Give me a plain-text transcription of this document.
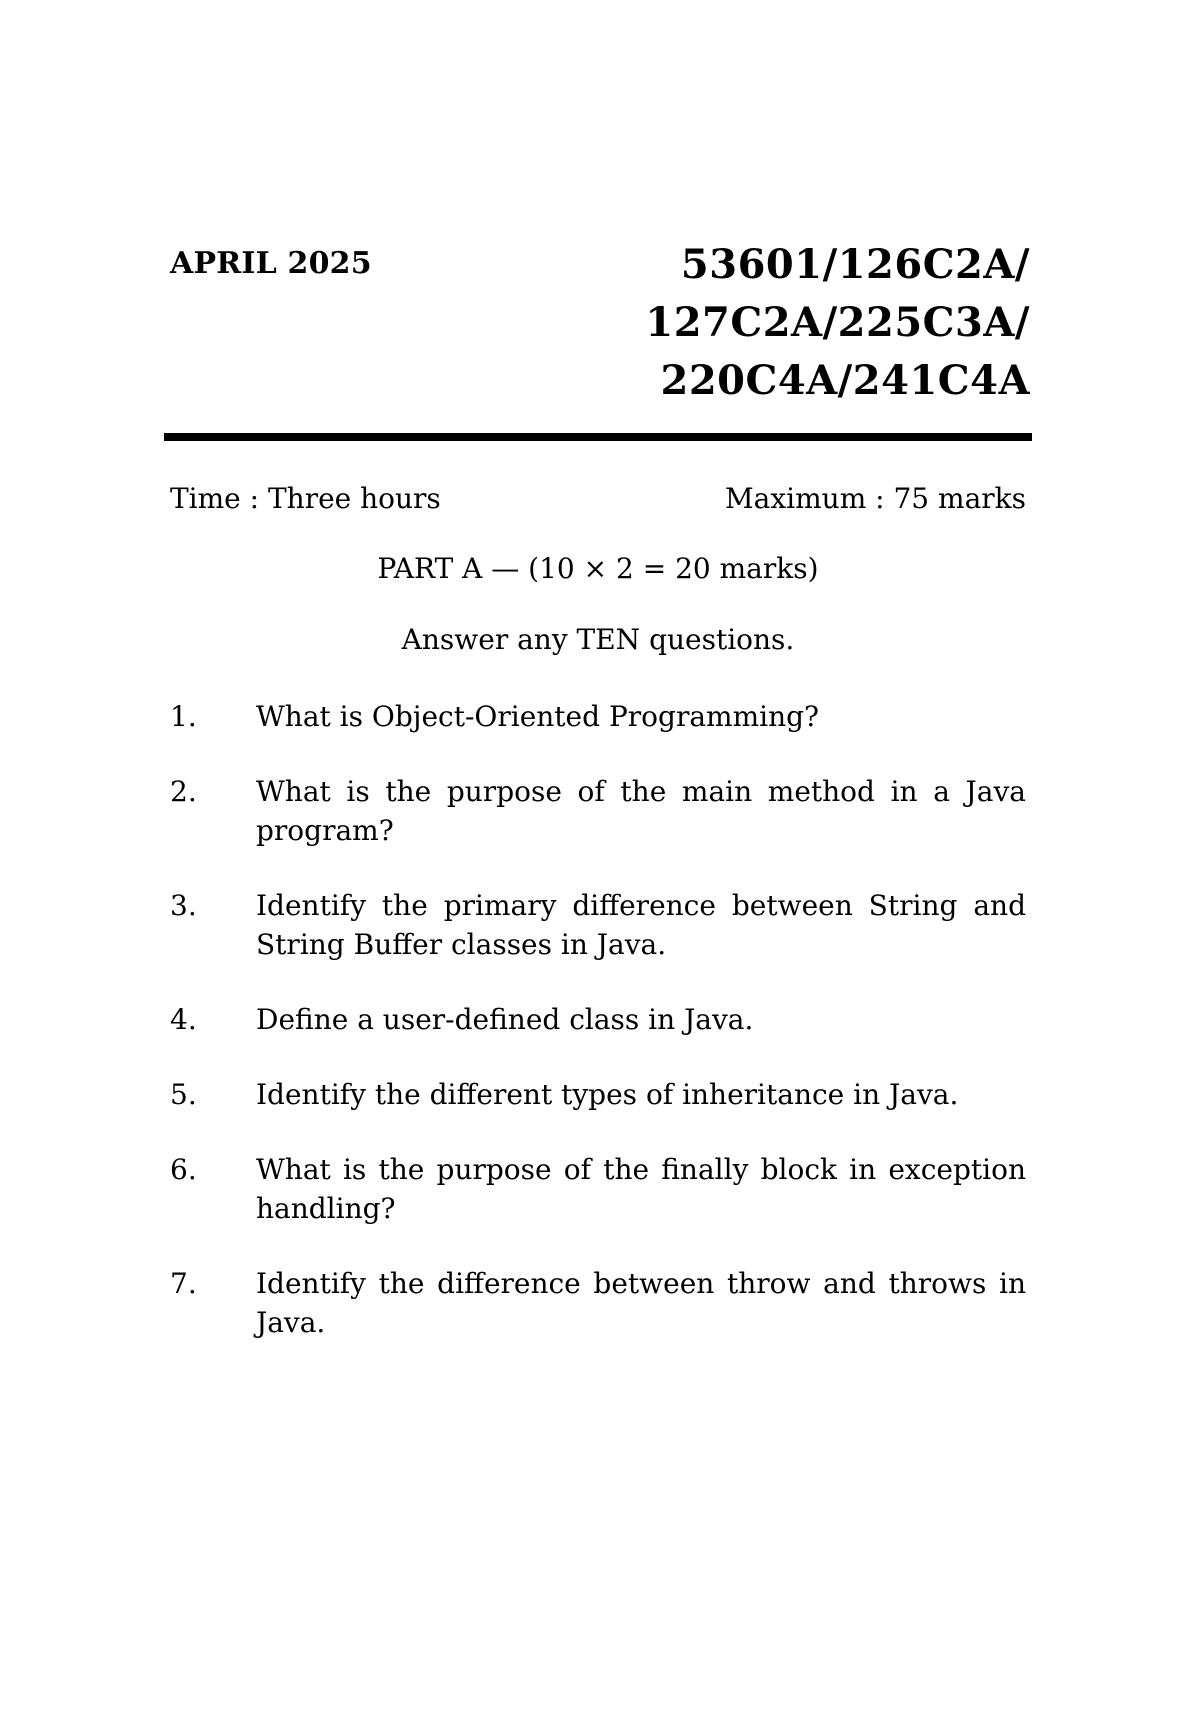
APRIL 2025	53601/126C2A/
127C2A/225C3A/
220C4A/241C4A
Time : Three hours	Maximum : 75 marks
PART A — (10 × 2 = 20 marks)
Answer any TEN questions.
1.	What is Object-Oriented Programming?
2.	What is the purpose of the main method in a Java program?
3.	Identify the primary difference between String and String Buffer classes in Java.
4.	Define a user-defined class in Java.
5.	Identify the different types of inheritance in Java.
6.	What is the purpose of the finally block in exception handling?
7.	Identify the difference between throw and throws in Java.
